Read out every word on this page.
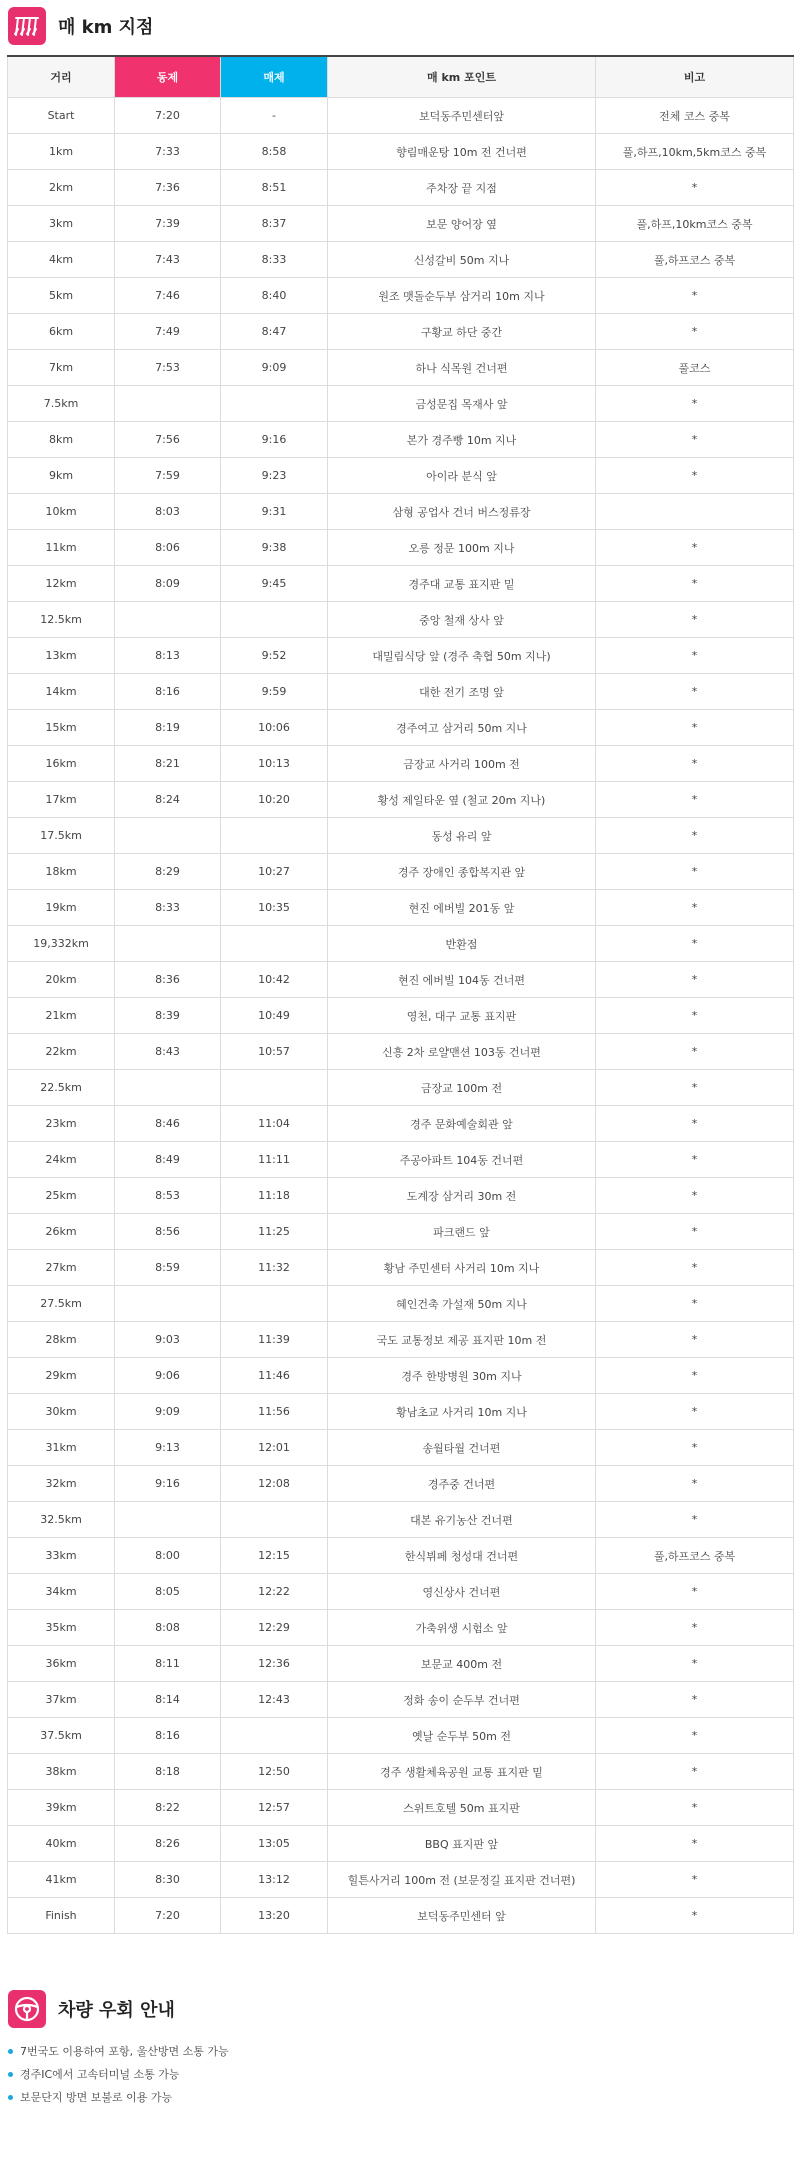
매 km 지점
거리	동제	매제	매 km 포인트	비고
Start	7:20	-	보덕동주민센터앞	전체 코스 중복
1km	7:33	8:58	향림매운탕 10m 전 건너편	풀,하프,10km,5km코스 중복
2km	7:36	8:51	주차장 끝 지점	*
3km	7:39	8:37	보문 양어장 옆	풀,하프,10km코스 중복
4km	7:43	8:33	신성갈비 50m 지나	풀,하프코스 중복
5km	7:46	8:40	원조 맷돌순두부 삼거리 10m 지나	*
6km	7:49	8:47	구황교 하단 중간	*
7km	7:53	9:09	하나 식목원 건너편	풀코스
7.5km			금성문집 목재사 앞	*
8km	7:56	9:16	본가 경주빵 10m 지나	*
9km	7:59	9:23	아이라 분식 앞	*
10km	8:03	9:31	삼형 공업사 건너 버스정류장	
11km	8:06	9:38	오릉 정문 100m 지나	*
12km	8:09	9:45	경주대 교통 표지판 밑	*
12.5km			중앙 철재 상사 앞	*
13km	8:13	9:52	대밀림식당 앞 (경주 축협 50m 지나)	*
14km	8:16	9:59	대한 전기 조명 앞	*
15km	8:19	10:06	경주여고 삼거리 50m 지나	*
16km	8:21	10:13	금장교 사거리 100m 전	*
17km	8:24	10:20	황성 제일타운 옆 (철교 20m 지나)	*
17.5km			동성 유리 앞	*
18km	8:29	10:27	경주 장애인 종합복지관 앞	*
19km	8:33	10:35	현진 에버빌 201동 앞	*
19,332km			반환점	*
20km	8:36	10:42	현진 에버빌 104동 건너편	*
21km	8:39	10:49	영천, 대구 교통 표지판	*
22km	8:43	10:57	신흥 2차 로얄맨션 103동 건너편	*
22.5km			금장교 100m 전	*
23km	8:46	11:04	경주 문화예술회관 앞	*
24km	8:49	11:11	주공아파트 104동 건너편	*
25km	8:53	11:18	도계장 삼거리 30m 전	*
26km	8:56	11:25	파크랜드 앞	*
27km	8:59	11:32	황남 주민센터 사거리 10m 지나	*
27.5km			혜인건축 가설재 50m 지나	*
28km	9:03	11:39	국도 교통정보 제공 표지판 10m 전	*
29km	9:06	11:46	경주 한방병원 30m 지나	*
30km	9:09	11:56	황남초교 사거리 10m 지나	*
31km	9:13	12:01	송월타월 건너편	*
32km	9:16	12:08	경주중 건너편	*
32.5km			대본 유기농산 건너편	*
33km	8:00	12:15	한식뷔페 청성대 건너편	풀,하프코스 중복
34km	8:05	12:22	영신상사 건너편	*
35km	8:08	12:29	가축위생 시험소 앞	*
36km	8:11	12:36	보문교 400m 전	*
37km	8:14	12:43	정화 송이 순두부 건너편	*
37.5km	8:16		옛날 순두부 50m 전	*
38km	8:18	12:50	경주 생활체육공원 교통 표지판 밑	*
39km	8:22	12:57	스위트호텔 50m 표지판	*
40km	8:26	13:05	BBQ 표지판 앞	*
41km	8:30	13:12	힐튼사거리 100m 전 (보문정길 표지판 건너편)	*
Finish	7:20	13:20	보덕동주민센터 앞	*
차량 우회 안내
7번국도 이용하여 포항, 울산방면 소통 가능
경주IC에서 고속터미널 소통 가능
보문단지 방면 보불로 이용 가능
